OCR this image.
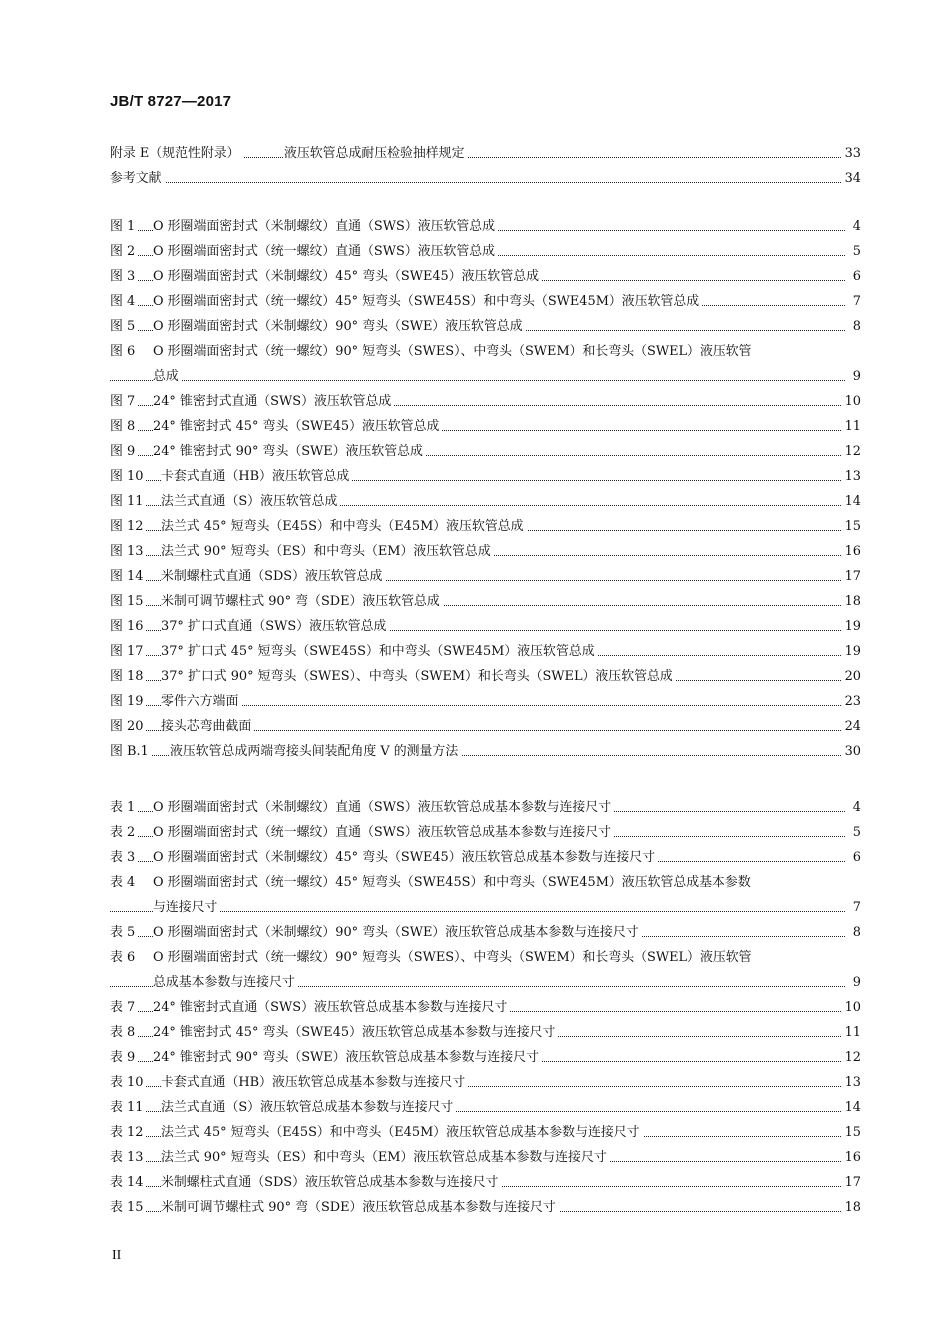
JB/T 8727—2017
附录 E（规范性附录）	液压软管总成耐压检验抽样规定	33
参考文献	34
图 1 O 形圈端面密封式（米制螺纹）直通（SWS）液压软管总成	4
图 2 O 形圈端面密封式（统一螺纹）直通（SWS）液压软管总成	5
图 3 O 形圈端面密封式（米制螺纹）45° 弯头（SWE45）液压软管总成	6
图 4 O 形圈端面密封式（统一螺纹）45° 短弯头（SWE45S）和中弯头（SWE45M）液压软管总成	7
图 5 O 形圈端面密封式（米制螺纹）90° 弯头（SWE）液压软管总成	8
图 6 O 形圈端面密封式（统一螺纹）90° 短弯头（SWES）、中弯头（SWEM）和长弯头（SWEL）液压软管
总成	9
图 7 24° 锥密封式直通（SWS）液压软管总成	10
图 8 24° 锥密封式 45° 弯头（SWE45）液压软管总成	11
图 9 24° 锥密封式 90° 弯头（SWE）液压软管总成	12
图 10 卡套式直通（HB）液压软管总成	13
图 11 法兰式直通（S）液压软管总成	14
图 12 法兰式 45° 短弯头（E45S）和中弯头（E45M）液压软管总成	15
图 13 法兰式 90° 短弯头（ES）和中弯头（EM）液压软管总成	16
图 14 米制螺柱式直通（SDS）液压软管总成	17
图 15 米制可调节螺柱式 90° 弯（SDE）液压软管总成	18
图 16 37° 扩口式直通（SWS）液压软管总成	19
图 17 37° 扩口式 45° 短弯头（SWE45S）和中弯头（SWE45M）液压软管总成	19
图 18 37° 扩口式 90° 短弯头（SWES）、中弯头（SWEM）和长弯头（SWEL）液压软管总成	20
图 19 零件六方端面	23
图 20 接头芯弯曲截面	24
图 B.1 液压软管总成两端弯接头间装配角度 V 的测量方法	30
表 1 O 形圈端面密封式（米制螺纹）直通（SWS）液压软管总成基本参数与连接尺寸	4
表 2 O 形圈端面密封式（统一螺纹）直通（SWS）液压软管总成基本参数与连接尺寸	5
表 3 O 形圈端面密封式（米制螺纹）45° 弯头（SWE45）液压软管总成基本参数与连接尺寸	6
表 4 O 形圈端面密封式（统一螺纹）45° 短弯头（SWE45S）和中弯头（SWE45M）液压软管总成基本参数
与连接尺寸	7
表 5 O 形圈端面密封式（米制螺纹）90° 弯头（SWE）液压软管总成基本参数与连接尺寸	8
表 6 O 形圈端面密封式（统一螺纹）90° 短弯头（SWES）、中弯头（SWEM）和长弯头（SWEL）液压软管
总成基本参数与连接尺寸	9
表 7 24° 锥密封式直通（SWS）液压软管总成基本参数与连接尺寸	10
表 8 24° 锥密封式 45° 弯头（SWE45）液压软管总成基本参数与连接尺寸	11
表 9 24° 锥密封式 90° 弯头（SWE）液压软管总成基本参数与连接尺寸	12
表 10 卡套式直通（HB）液压软管总成基本参数与连接尺寸	13
表 11 法兰式直通（S）液压软管总成基本参数与连接尺寸	14
表 12 法兰式 45° 短弯头（E45S）和中弯头（E45M）液压软管总成基本参数与连接尺寸	15
表 13 法兰式 90° 短弯头（ES）和中弯头（EM）液压软管总成基本参数与连接尺寸	16
表 14 米制螺柱式直通（SDS）液压软管总成基本参数与连接尺寸	17
表 15 米制可调节螺柱式 90° 弯（SDE）液压软管总成基本参数与连接尺寸	18
II
